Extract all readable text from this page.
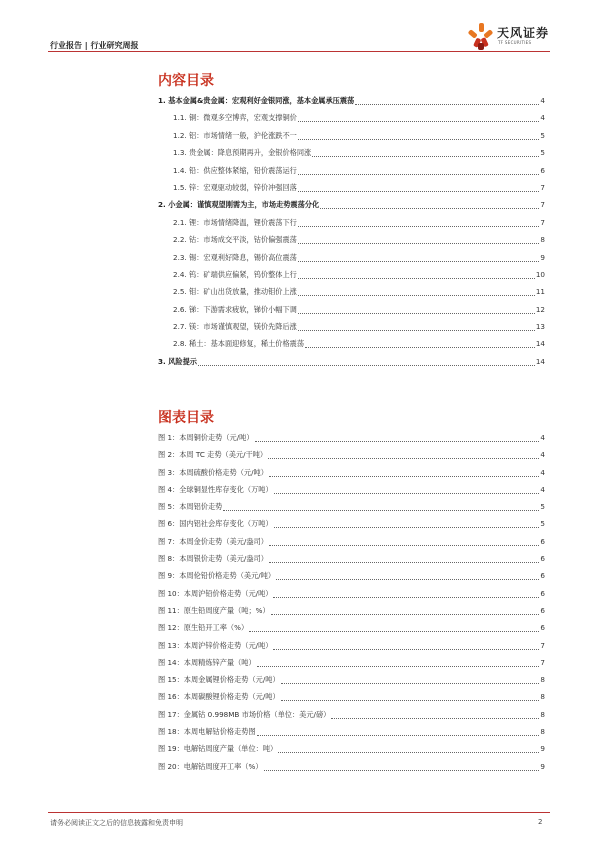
行业报告 | 行业研究周报
天风证券
TF SECURITIES
内容目录
1. 基本金属&贵金属：宏观利好金银同涨，基本金属承压震荡	4
1.1. 铜：微观多空博弈，宏观支撑铜价	4
1.2. 铝：市场情绪一般，沪伦涨跌不一	5
1.3. 贵金属：降息预期再升，金银价格同涨	5
1.4. 铅：供应整体紧缩，铅价震荡运行	6
1.5. 锌：宏观驱动较弱，锌价冲强回落	7
2. 小金属：谨慎观望刚需为主，市场走势震荡分化	7
2.1. 锂：市场情绪降温，锂价震荡下行	7
2.2. 钴：市场成交平淡，钴价偏强震荡	8
2.3. 锡：宏观利好降息，锡价高位震荡	9
2.4. 钨：矿端供应偏紧，钨价整体上行	10
2.5. 钼：矿山出货放量，推动钼价上涨	11
2.6. 锑：下游需求疲软，锑价小幅下调	12
2.7. 镁：市场谨慎观望，镁价先降后涨	13
2.8. 稀土：基本面迎修复，稀土价格震荡	14
3. 风险提示	14
图表目录
图 1：本周铜价走势（元/吨）	4
图 2：本周 TC 走势（美元/干吨）	4
图 3：本周硫酸价格走势（元/吨）	4
图 4：全球铜显性库存变化（万吨）	4
图 5：本周铝价走势	5
图 6：国内铝社会库存变化（万吨）	5
图 7：本周金价走势（美元/盎司）	6
图 8：本周银价走势（美元/盎司）	6
图 9：本周伦铅价格走势（美元/吨）	6
图 10：本周沪铅价格走势（元/吨）	6
图 11：原生铅周度产量（吨；%）	6
图 12：原生铅开工率（%）	6
图 13：本周沪锌价格走势（元/吨）	7
图 14：本周精炼锌产量（吨）	7
图 15：本周金属锂价格走势（元/吨）	8
图 16：本周碳酸锂价格走势（元/吨）	8
图 17：金属钴 0.998MB 市场价格（单位：美元/磅）	8
图 18：本周电解钴价格走势图	8
图 19：电解钴周度产量（单位：吨）	9
图 20：电解钴周度开工率（%）	9
请务必阅读正文之后的信息披露和免责申明	2
